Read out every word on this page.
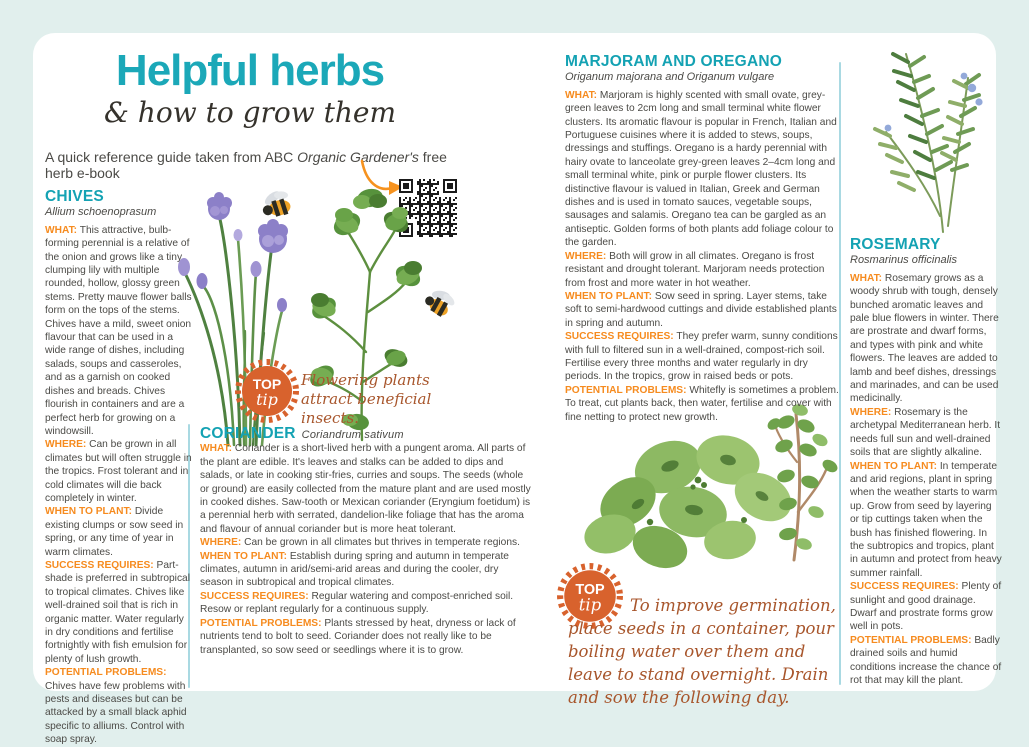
Helpful herbs
& how to grow them
A quick reference guide taken from ABC Organic Gardener's free herb e-book
CHIVES

Allium schoenoprasum

WHAT: This attractive, bulb-forming perennial is a relative of the onion and grows like a tiny clumping lily with multiple rounded, hollow, glossy green stems. Pretty mauve flower balls form on the tops of the stems. Chives have a mild, sweet onion flavour that can be used in a wide range of dishes, including salads, soups and casseroles, and as a garnish on cooked dishes and breads. Chives flourish in containers and are a perfect herb for growing on a windowsill.

WHERE: Can be grown in all climates but will often struggle in the tropics. Frost tolerant and in cold climates will die back completely in winter.

WHEN TO PLANT: Divide existing clumps or sow seed in spring, or any time of year in warm climates.

SUCCESS REQUIRES: Part-shade is preferred in subtropical to tropical climates. Chives like well-drained soil that is rich in organic matter. Water regularly in dry conditions and fertilise fortnightly with fish emulsion for plenty of lush growth.

POTENTIAL PROBLEMS: Chives have few problems with pests and diseases but can be attacked by a small black aphid specific to alliums. Control with soap spray.

CORIANDER Coriandrum sativum

WHAT: Coriander is a short-lived herb with a pungent aroma. All parts of the plant are edible. It's leaves and stalks can be added to dips and salads, or late in cooking stir-fries, curries and soups. The seeds (whole or ground) are easily collected from the mature plant and are used mostly in cooked dishes. Saw-tooth or Mexican coriander (Eryngium foetidum) is a perennial herb with serrated, dandelion-like foliage that has the aroma and flavour of annual coriander but is more heat tolerant.

WHERE: Can be grown in all climates but thrives in temperate regions.

WHEN TO PLANT: Establish during spring and autumn in temperate climates, autumn in arid/semi-arid areas and during the cooler, dry season in subtropical and tropical climates.

SUCCESS REQUIRES: Regular watering and compost-enriched soil. Resow or replant regularly for a continuous supply.

POTENTIAL PROBLEMS: Plants stressed by heat, dryness or lack of nutrients tend to bolt to seed. Coriander does not really like to be transplanted, so sow seed or seedlings where it is to grow.

MARJORAM AND OREGANO

Origanum majorana and Origanum vulgare

WHAT: Marjoram is highly scented with small ovate, grey-green leaves to 2cm long and small terminal white flower clusters. Its aromatic flavour is popular in French, Italian and Portuguese cuisines where it is added to stews, soups, dressings and stuffings. Oregano is a hardy perennial with hairy ovate to lanceolate grey-green leaves 2–4cm long and small terminal white, pink or purple flower clusters. Its distinctive flavour is valued in Italian, Greek and German dishes and is used in tomato sauces, vegetable soups, sausages and salamis. Oregano tea can be gargled as an antiseptic. Golden forms of both plants add foliage colour to the garden.

WHERE: Both will grow in all climates. Oregano is frost resistant and drought tolerant. Marjoram needs protection from frost and more water in hot weather.

WHEN TO PLANT: Sow seed in spring. Layer stems, take soft to semi-hardwood cuttings and divide established plants in spring and autumn.

SUCCESS REQUIRES: They prefer warm, sunny conditions with full to filtered sun in a well-drained, compost-rich soil. Fertilise every three months and water regularly in dry periods. In the tropics, grow in raised beds or pots.

POTENTIAL PROBLEMS: Whitefly is sometimes a problem. To treat, cut plants back, then water, fertilise and cover with fine netting to protect new growth.

ROSEMARY

Rosmarinus officinalis

WHAT: Rosemary grows as a woody shrub with tough, densely bunched aromatic leaves and pale blue flowers in winter. There are prostrate and dwarf forms, and types with pink and white flowers. The leaves are added to lamb and beef dishes, dressings and marinades, and can be used medicinally.

WHERE: Rosemary is the archetypal Mediterranean herb. It needs full sun and well-drained soils that are slightly alkaline.

WHEN TO PLANT: In temperate and arid regions, plant in spring when the weather starts to warm up. Grow from seed by layering or tip cuttings taken when the bush has finished flowering. In the subtropics and tropics, plant in autumn and protect from heavy summer rainfall.

SUCCESS REQUIRES: Plenty of sunlight and good drainage. Dwarf and prostrate forms grow well in pots.

POTENTIAL PROBLEMS: Badly drained soils and humid conditions increase the chance of rot that may kill the plant.

TOP
tip
Flowering plants attract beneficial insects.
TOP
tip	To improve germination, place seeds in a container, pour boiling water over them and leave to stand overnight. Drain and sow the following day.
